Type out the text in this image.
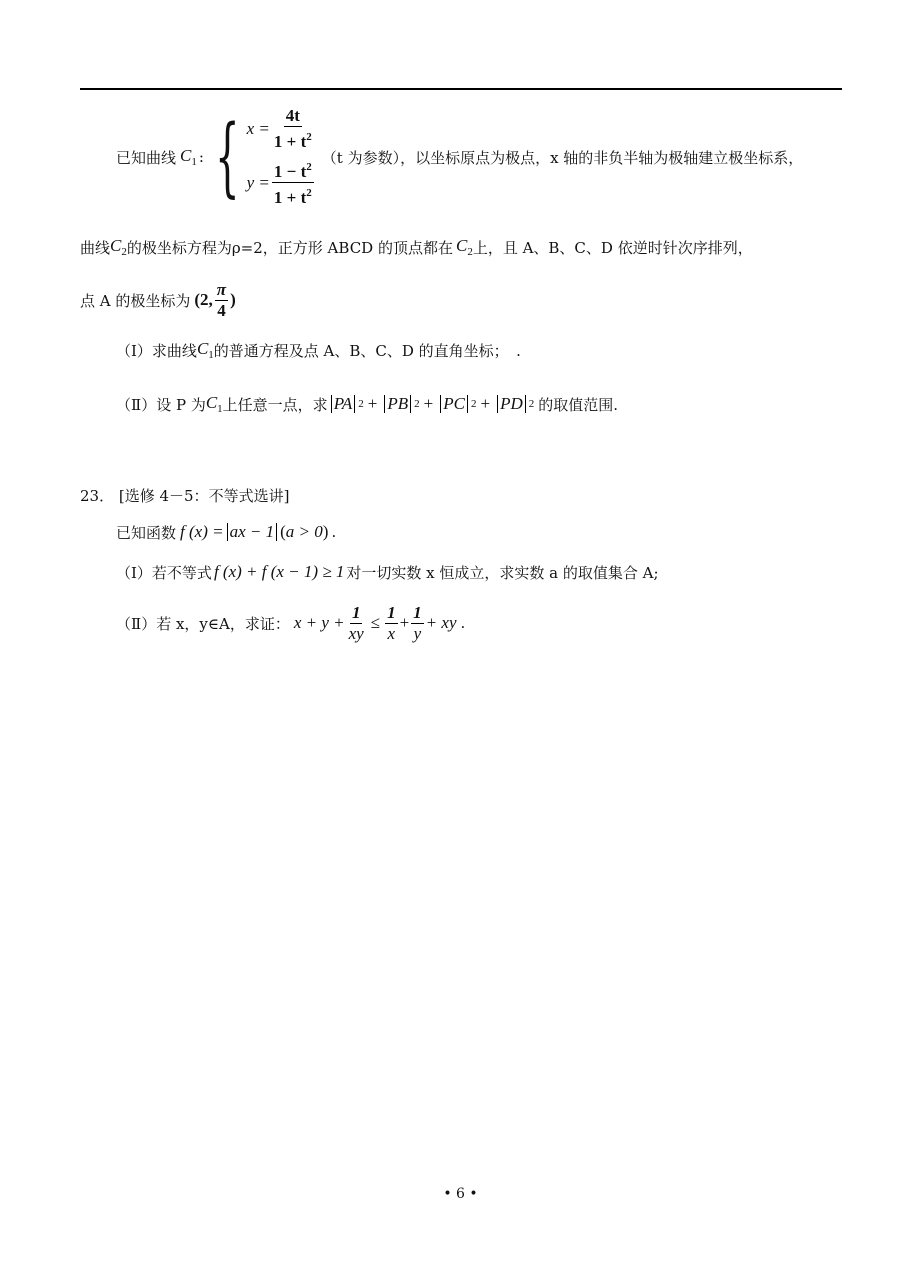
已知曲线 $C_1$ : { $x = \frac{4t}{1 + t^2}$
$y = \frac{1 - t^2}{1 + t^2}$
（t 为参数），以坐标原点为极点，x 轴的非负半轴为极轴建立极坐标系，
曲线 $C_2$ 的极坐标方程为ρ=2，正方形 ABCD 的顶点都在 $C_2$ 上，且 A、B、C、D 依逆时针次序排列，
点 A 的极坐标为 (2, $\frac{\pi}{4}$ )
（Ⅰ）求曲线 $C_1$ 的普通方程及点 A、B、C、D 的直角坐标；　.
（Ⅱ）设 P 为 $C_1$ 上任意一点，求 PA 2 + PB 2 + PC 2 + PD 2 的取值范围.
23． [选修 4－5：不等式选讲]
已知函数 f (x) = ax − 1 ( a > 0 ) .
（Ⅰ）若不等式 f (x) + f (x − 1) ≥ 1 对一切实数 x 恒成立，求实数 a 的取值集合 A;
（Ⅱ）若 x，y∈A，求证： $x + y + \frac{1}{xy} \le \frac{1}{x} + \frac{1}{y}$ + xy .
• 6 •
